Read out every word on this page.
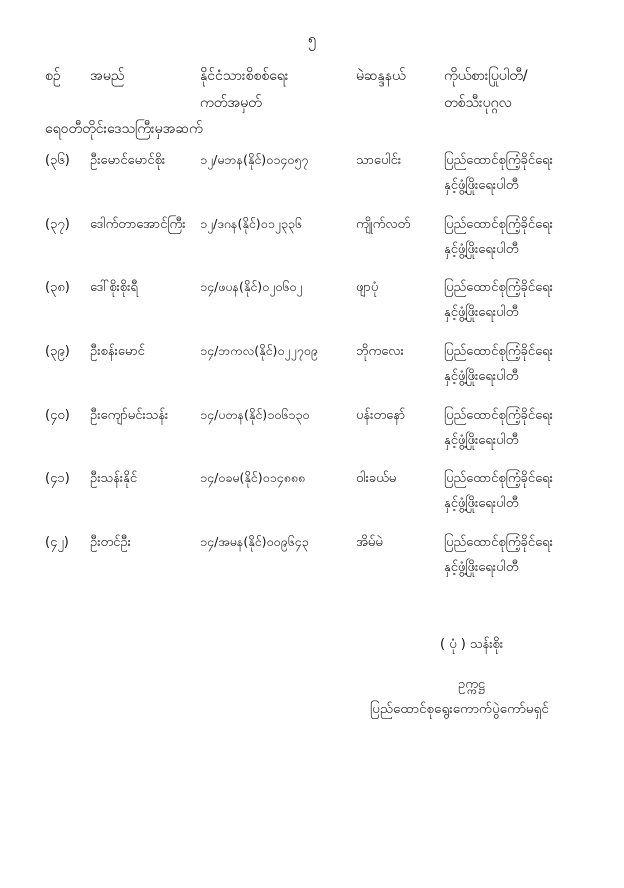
၅
စဉ် အမည်	နိုင်ငံသားစိစစ်ရေး
ကတ်အမှတ်
မဲဆန္ဒနယ်	ကိုယ်စားပြုပါတီ/
တစ်သီးပုဂ္ဂလ
ရေ၀တီတိုင်းဒေသကြီးမှအဆက်
(၃၆) ဦးမောင်မောင်စိုး	၁၂/မဘန(နိုင်)၀၁၄၀၅၇	သာပေါင်း	ပြည်ထောင်စုကြံ့ခိုင်ရေး
နှင့်ဖွံ့ဖြိုးရေးပါတီ
(၃၇) ဒေါက်တာအောင်ကြီး ၁၂/ဒဂန(နိုင်)၀၁၂၃၃၆	ကျိုက်လတ်	ပြည်ထောင်စုကြံ့ခိုင်ရေး
နှင့်ဖွံ့ဖြိုးရေးပါတီ
(၃၈) ဒေါ်စိုးစိုးရီ	၁၄/ဖပန(နိုင်)၀၂၀၆၀၂	ဖျာပုံ	ပြည်ထောင်စုကြံ့ခိုင်ရေး
နှင့်ဖွံ့ဖြိုးရေးပါတီ
(၃၉) ဦးစန်းမောင်	၁၄/ဘကလ(နိုင်)၀၂၂၇၀၉	ဘိုကလေး	ပြည်ထောင်စုကြံ့ခိုင်ရေး
နှင့်ဖွံ့ဖြိုးရေးပါတီ
(၄၀) ဦးကျော်မင်းသန်း	၁၄/ပတန(နိုင်)၁၀၆၁၃၀	ပန်းတနော်	ပြည်ထောင်စုကြံ့ခိုင်ရေး
နှင့်ဖွံ့ဖြိုးရေးပါတီ
(၄၁) ဦးသန်းနိုင်	၁၄/ဝခမ(နိုင်)၀၁၄၈၈၈	ဝါးခယ်မ	ပြည်ထောင်စုကြံ့ခိုင်ရေး
နှင့်ဖွံ့ဖြိုးရေးပါတီ
(၄၂) ဦးတင်ဦး	၁၄/အမန(နိုင်)၀၀၉၆၄၃	အိမ်မဲ	ပြည်ထောင်စုကြံ့ခိုင်ရေး
နှင့်ဖွံ့ဖြိုးရေးပါတီ
( ပုံ ) သန်းစိုး
ဥက္ကဋ္ဌ
ပြည်ထောင်စုရွေးကောက်ပွဲကော်မရှင်
